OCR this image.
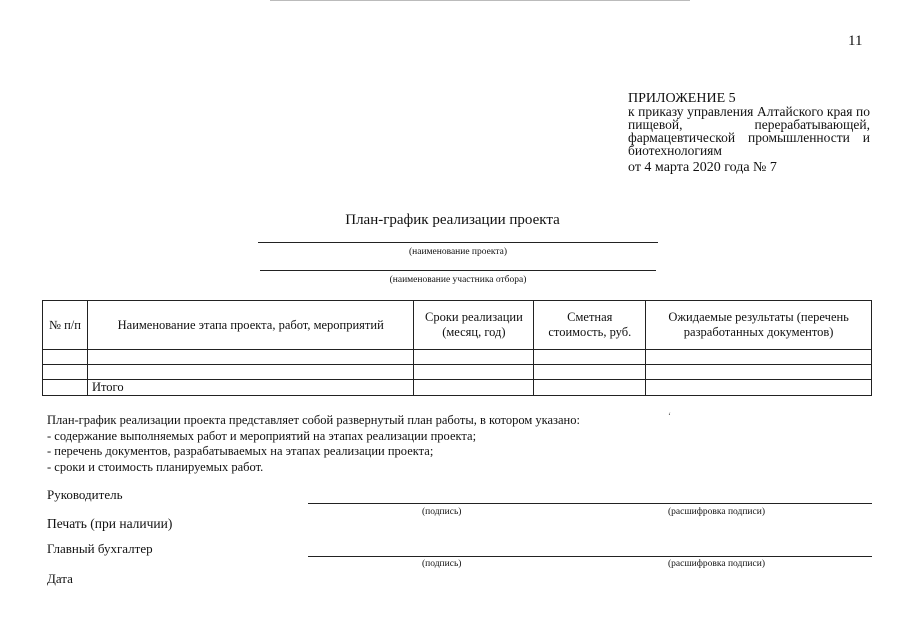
11
ПРИЛОЖЕНИЕ 5
к приказу управления Алтайского края по пищевой, перерабатывающей, фармацевтической промышленности и биотехнологиям
от 4 марта 2020 года № 7
План-график реализации проекта
(наименование проекта)
(наименование участника отбора)
№ п/п	Наименование этапа проекта, работ, мероприятий	Сроки реализации (месяц, год)	Сметная стоимость, руб.	Ожидаемые результаты (перечень разработанных документов)

	Итого			
ʻ
План-график реализации проекта представляет собой развернутый план работы, в котором указано:
- содержание выполняемых работ и мероприятий на этапах реализации проекта;
- перечень документов, разрабатываемых на этапах реализации проекта;
- сроки и стоимость планируемых работ.
Руководитель
(подпись)	(расшифровка подписи)
Печать (при наличии)
Главный бухгалтер
(подпись)	(расшифровка подписи)
Дата
